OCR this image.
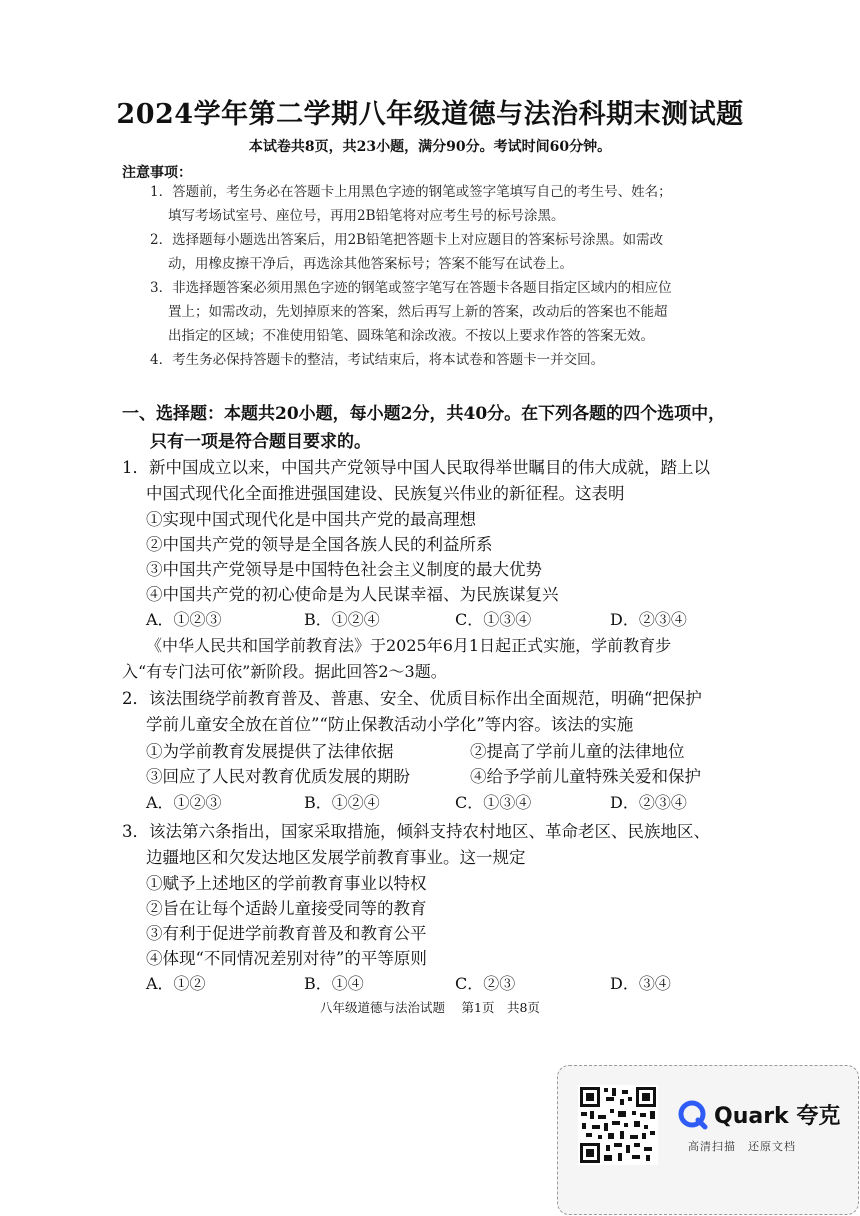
2024学年第二学期八年级道德与法治科期末测试题
本试卷共8页，共23小题，满分90分。考试时间60分钟。
注意事项：
1．答题前，考生务必在答题卡上用黑色字迹的钢笔或签字笔填写自己的考生号、姓名；
填写考场试室号、座位号，再用2B铅笔将对应考生号的标号涂黑。
2．选择题每小题选出答案后，用2B铅笔把答题卡上对应题目的答案标号涂黑。如需改
动，用橡皮擦干净后，再选涂其他答案标号；答案不能写在试卷上。
3．非选择题答案必须用黑色字迹的钢笔或签字笔写在答题卡各题目指定区域内的相应位
置上；如需改动，先划掉原来的答案，然后再写上新的答案，改动后的答案也不能超
出指定的区域；不准使用铅笔、圆珠笔和涂改液。不按以上要求作答的答案无效。
4．考生务必保持答题卡的整洁，考试结束后，将本试卷和答题卡一并交回。
一、选择题：本题共20小题，每小题2分，共40分。在下列各题的四个选项中，
只有一项是符合题目要求的。
1．新中国成立以来，中国共产党领导中国人民取得举世瞩目的伟大成就，踏上以
中国式现代化全面推进强国建设、民族复兴伟业的新征程。这表明
①实现中国式现代化是中国共产党的最高理想
②中国共产党的领导是全国各族人民的利益所系
③中国共产党领导是中国特色社会主义制度的最大优势
④中国共产党的初心使命是为人民谋幸福、为民族谋复兴
A．①②③	B．①②④	C．①③④	D．②③④
《中华人民共和国学前教育法》于2025年6月1日起正式实施，学前教育步
入“有专门法可依”新阶段。据此回答2～3题。
2．该法围绕学前教育普及、普惠、安全、优质目标作出全面规范，明确“把保护
学前儿童安全放在首位”“防止保教活动小学化”等内容。该法的实施
①为学前教育发展提供了法律依据	②提高了学前儿童的法律地位
③回应了人民对教育优质发展的期盼	④给予学前儿童特殊关爱和保护
A．①②③	B．①②④	C．①③④	D．②③④
3．该法第六条指出，国家采取措施，倾斜支持农村地区、革命老区、民族地区、
边疆地区和欠发达地区发展学前教育事业。这一规定
①赋予上述地区的学前教育事业以特权
②旨在让每个适龄儿童接受同等的教育
③有利于促进学前教育普及和教育公平
④体现“不同情况差别对待”的平等原则
A．①②	B．①④	C．②③	D．③④
八年级道德与法治试题　 第1页　共8页
Quark 夸克
高清扫描　还原文档
